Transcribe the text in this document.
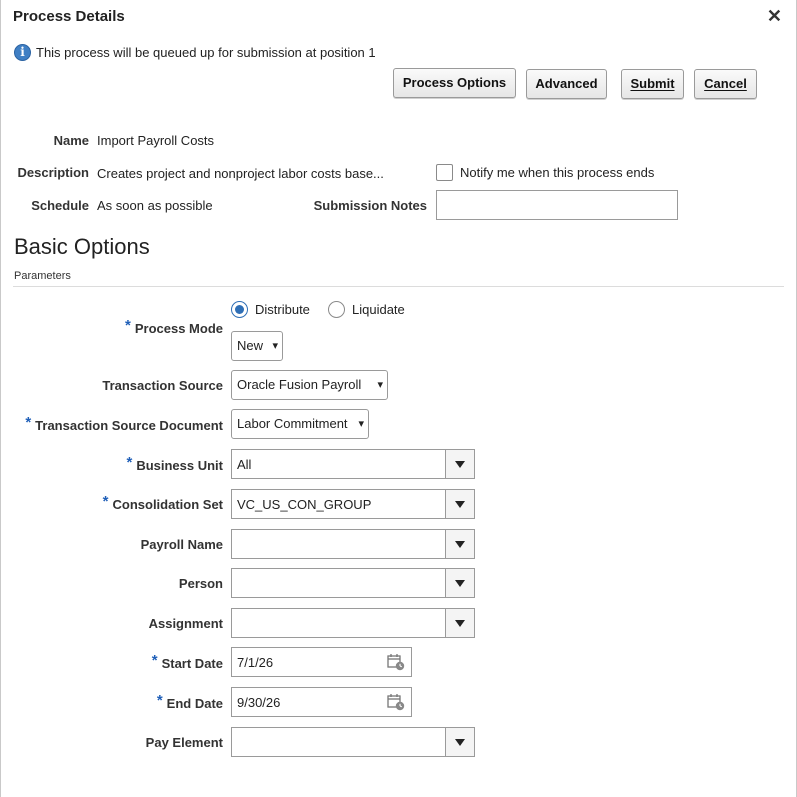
Process Details	✕
i This process will be queued up for submission at position 1
Process Options	Advanced	Submit	Cancel
Name Import Payroll Costs
Description Creates project and nonproject labor costs base...	Notify me when this process ends
Schedule As soon as possible	Submission Notes
Basic Options
Parameters
* Process Mode
Distribute	Liquidate
New ▾
Transaction Source	Oracle Fusion Payroll ▾
* Transaction Source Document	Labor Commitment ▾
* Business Unit All
* Consolidation Set VC_US_CON_GROUP
Payroll Name
Person
Assignment
* Start Date 7/1/26
* End Date 9/30/26
Pay Element
